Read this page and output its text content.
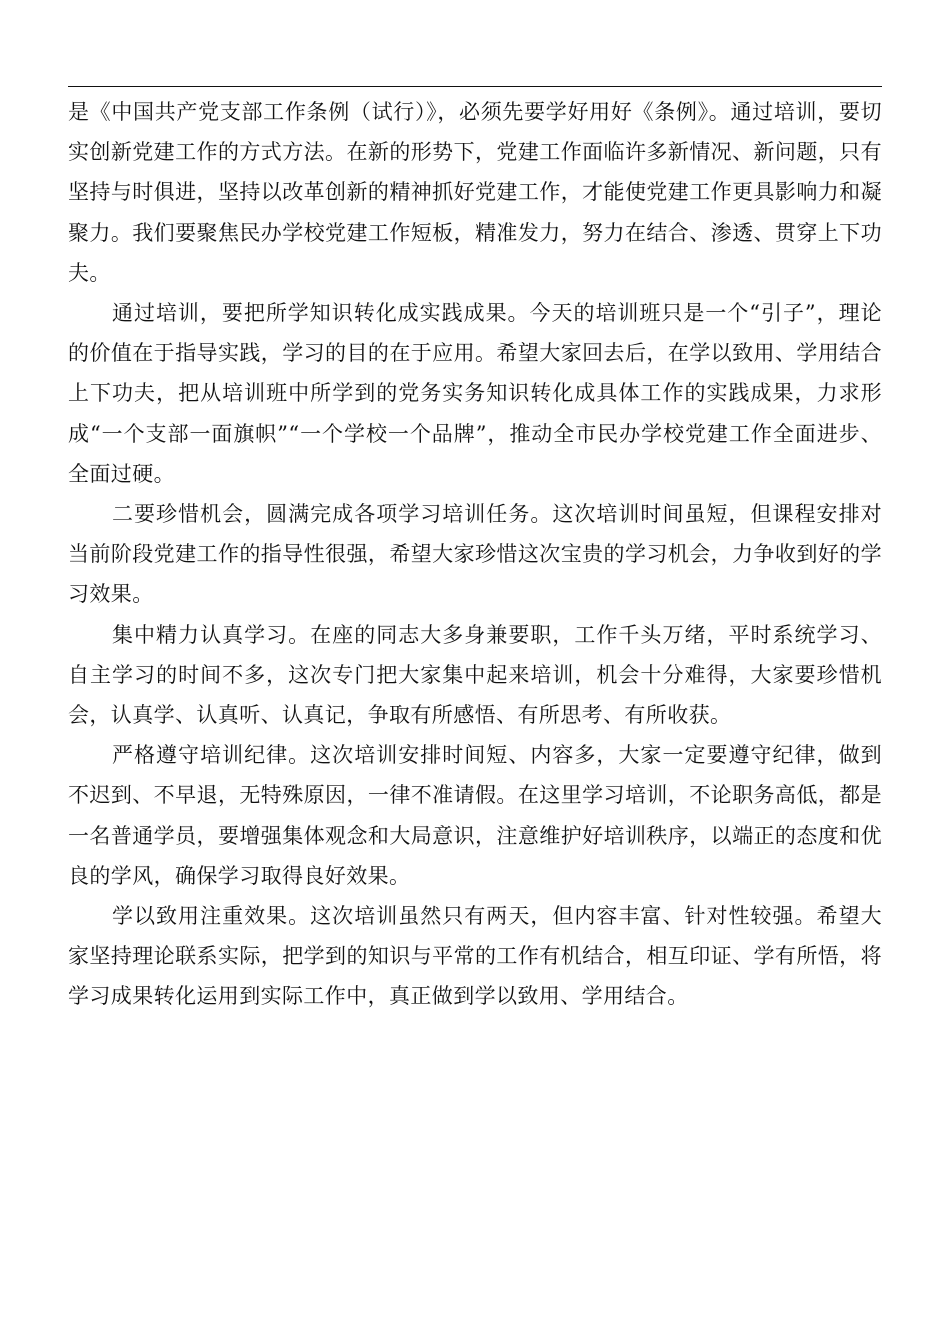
是《中国共产党支部工作条例（试行）》，必须先要学好用好《条例》。通过培训，要切实创新党建工作的方式方法。在新的形势下，党建工作面临许多新情况、新问题，只有坚持与时俱进，坚持以改革创新的精神抓好党建工作，才能使党建工作更具影响力和凝聚力。我们要聚焦民办学校党建工作短板，精准发力，努力在结合、渗透、贯穿上下功夫。

通过培训，要把所学知识转化成实践成果。今天的培训班只是一个“引子”，理论的价值在于指导实践，学习的目的在于应用。希望大家回去后，在学以致用、学用结合上下功夫，把从培训班中所学到的党务实务知识转化成具体工作的实践成果，力求形成“一个支部一面旗帜”“一个学校一个品牌”，推动全市民办学校党建工作全面进步、全面过硬。

二要珍惜机会，圆满完成各项学习培训任务。这次培训时间虽短，但课程安排对当前阶段党建工作的指导性很强，希望大家珍惜这次宝贵的学习机会，力争收到好的学习效果。

集中精力认真学习。在座的同志大多身兼要职，工作千头万绪，平时系统学习、自主学习的时间不多，这次专门把大家集中起来培训，机会十分难得，大家要珍惜机会，认真学、认真听、认真记，争取有所感悟、有所思考、有所收获。

严格遵守培训纪律。这次培训安排时间短、内容多，大家一定要遵守纪律，做到不迟到、不早退，无特殊原因，一律不准请假。在这里学习培训，不论职务高低，都是一名普通学员，要增强集体观念和大局意识，注意维护好培训秩序，以端正的态度和优良的学风，确保学习取得良好效果。

学以致用注重效果。这次培训虽然只有两天，但内容丰富、针对性较强。希望大家坚持理论联系实际，把学到的知识与平常的工作有机结合，相互印证、学有所悟，将学习成果转化运用到实际工作中，真正做到学以致用、学用结合。
